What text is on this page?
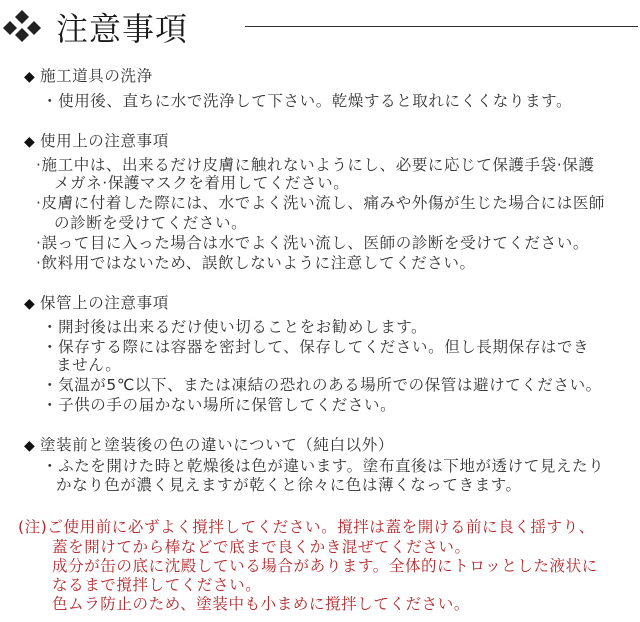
注意事項
◆ 施工道具の洗浄
・使用後、直ちに水で洗浄して下さい。乾燥すると取れにくくなります。
◆ 使用上の注意事項
·施工中は、出来るだけ皮膚に触れないようにし、必要に応じて保護手袋·保護
メガネ·保護マスクを着用してください。
·皮膚に付着した際には、水でよく洗い流し、痛みや外傷が生じた場合には医師
の診断を受けてください。
·誤って目に入った場合は水でよく洗い流し、医師の診断を受けてください。
·飲料用ではないため、誤飲しないように注意してください。
◆ 保管上の注意事項
・開封後は出来るだけ使い切ることをお勧めします。
・保存する際には容器を密封して、保存してください。但し長期保存はでき
ません。
・気温が5℃以下、または凍結の恐れのある場所での保管は避けてください。
・子供の手の届かない場所に保管してください。
◆ 塗装前と塗装後の色の違いについて（純白以外）
・ふたを開けた時と乾燥後は色が違います。塗布直後は下地が透けて見えたり
かなり色が濃く見えますが乾くと徐々に色は薄くなってきます。
(注)ご使用前に必ずよく撹拌してください。撹拌は蓋を開ける前に良く揺すり、
蓋を開けてから棒などで底まで良くかき混ぜてください。
成分が缶の底に沈殿している場合があります。全体的にトロッとした液状に
なるまで撹拌してください。
色ムラ防止のため、塗装中も小まめに撹拌してください。
